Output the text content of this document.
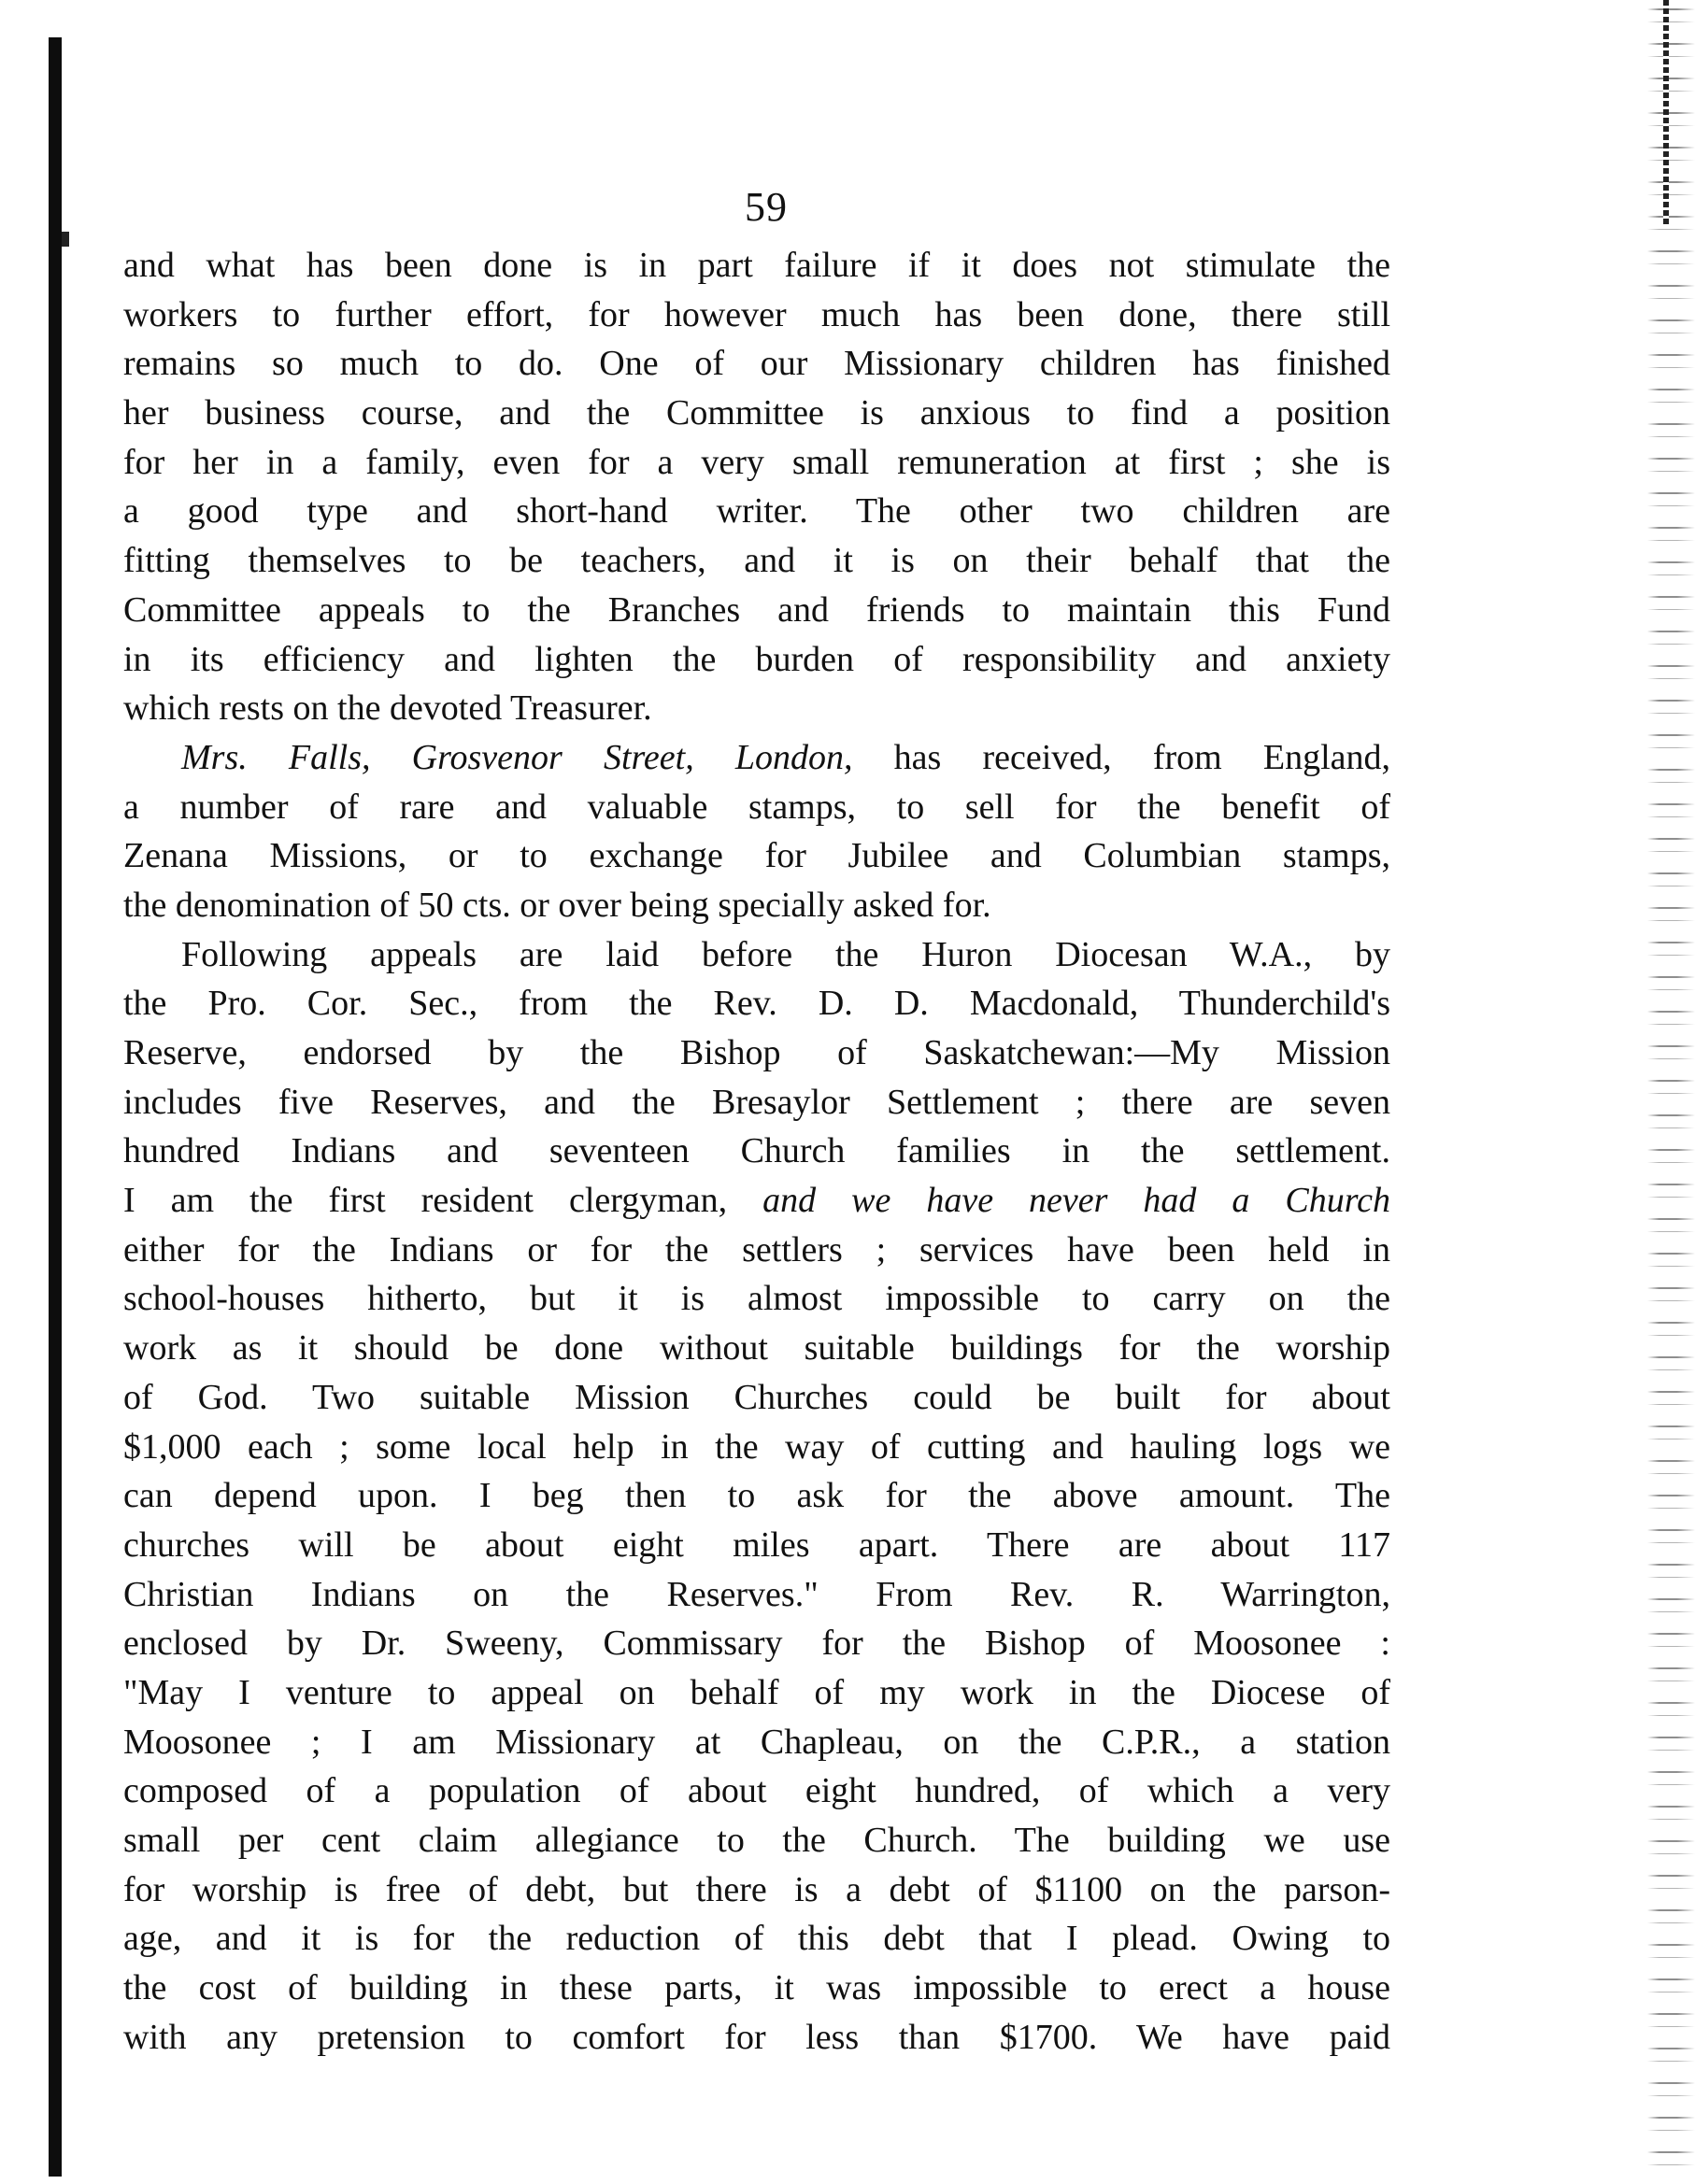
59
and what has been done is in part failure if it does not stimulate the
workers to further effort, for however much has been done, there still
remains so much to do. One of our Missionary children has finished
her business course, and the Committee is anxious to find a position
for her in a family, even for a very small remuneration at first ; she is
a good type and short-hand writer. The other two children are
fitting themselves to be teachers, and it is on their behalf that the
Committee appeals to the Branches and friends to maintain this Fund
in its efficiency and lighten the burden of responsibility and anxiety
which rests on the devoted Treasurer.
Mrs. Falls, Grosvenor Street, London, has received, from England,
a number of rare and valuable stamps, to sell for the benefit of
Zenana Missions, or to exchange for Jubilee and Columbian stamps,
the denomination of 50 cts. or over being specially asked for.
Following appeals are laid before the Huron Diocesan W.A., by
the Pro. Cor. Sec., from the Rev. D. D. Macdonald, Thunderchild's
Reserve, endorsed by the Bishop of Saskatchewan:—My Mission
includes five Reserves, and the Bresaylor Settlement ; there are seven
hundred Indians and seventeen Church families in the settlement.
I am the first resident clergyman, and we have never had a Church
either for the Indians or for the settlers ; services have been held in
school-houses hitherto, but it is almost impossible to carry on the
work as it should be done without suitable buildings for the worship
of God. Two suitable Mission Churches could be built for about
$1,000 each ; some local help in the way of cutting and hauling logs we
can depend upon. I beg then to ask for the above amount. The
churches will be about eight miles apart. There are about 117
Christian Indians on the Reserves." From Rev. R. Warrington,
enclosed by Dr. Sweeny, Commissary for the Bishop of Moosonee :
"May I venture to appeal on behalf of my work in the Diocese of
Moosonee ; I am Missionary at Chapleau, on the C.P.R., a station
composed of a population of about eight hundred, of which a very
small per cent claim allegiance to the Church. The building we use
for worship is free of debt, but there is a debt of $1100 on the parson-
age, and it is for the reduction of this debt that I plead. Owing to
the cost of building in these parts, it was impossible to erect a house
with any pretension to comfort for less than $1700. We have paid
